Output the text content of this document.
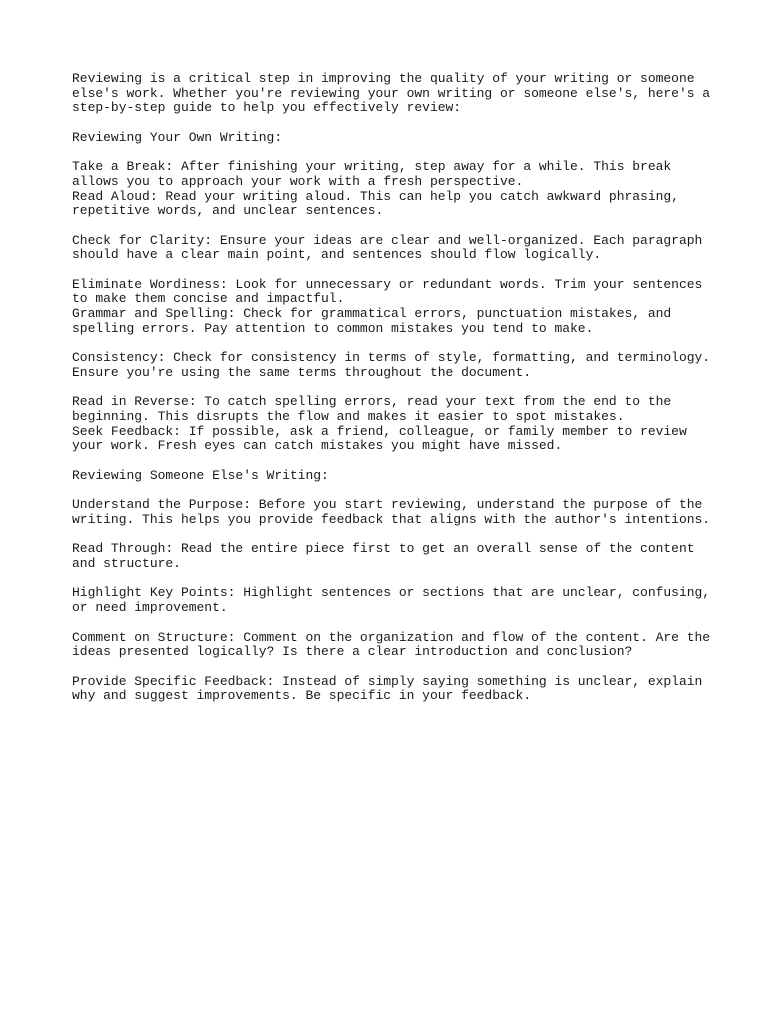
Reviewing is a critical step in improving the quality of your writing or someone
else's work. Whether you're reviewing your own writing or someone else's, here's a
step-by-step guide to help you effectively review:
Reviewing Your Own Writing:
Take a Break: After finishing your writing, step away for a while. This break
allows you to approach your work with a fresh perspective.
Read Aloud: Read your writing aloud. This can help you catch awkward phrasing,
repetitive words, and unclear sentences.
Check for Clarity: Ensure your ideas are clear and well-organized. Each paragraph
should have a clear main point, and sentences should flow logically.
Eliminate Wordiness: Look for unnecessary or redundant words. Trim your sentences
to make them concise and impactful.
Grammar and Spelling: Check for grammatical errors, punctuation mistakes, and
spelling errors. Pay attention to common mistakes you tend to make.
Consistency: Check for consistency in terms of style, formatting, and terminology.
Ensure you're using the same terms throughout the document.
Read in Reverse: To catch spelling errors, read your text from the end to the
beginning. This disrupts the flow and makes it easier to spot mistakes.
Seek Feedback: If possible, ask a friend, colleague, or family member to review
your work. Fresh eyes can catch mistakes you might have missed.
Reviewing Someone Else's Writing:
Understand the Purpose: Before you start reviewing, understand the purpose of the
writing. This helps you provide feedback that aligns with the author's intentions.
Read Through: Read the entire piece first to get an overall sense of the content
and structure.
Highlight Key Points: Highlight sentences or sections that are unclear, confusing,
or need improvement.
Comment on Structure: Comment on the organization and flow of the content. Are the
ideas presented logically? Is there a clear introduction and conclusion?
Provide Specific Feedback: Instead of simply saying something is unclear, explain
why and suggest improvements. Be specific in your feedback.
